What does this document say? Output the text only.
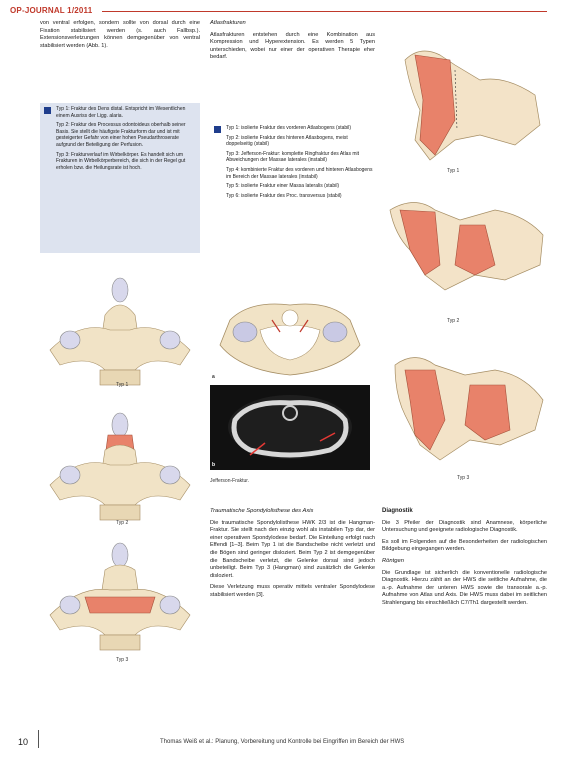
OP-JOURNAL 1/2011

von ventral erfolgen, sondern sollte von dorsal durch eine Fixation stabilisiert werden (s. auch Fallbsp.). Extensionsverletzungen können demgegenüber von ventral stabilisiert werden (Abb. 1).

Typ 1: Fraktur des Dens distal. Entspricht im Wesentlichen einem Ausriss der Ligg. alaria.

Typ 2: Fraktur des Processus odontoideus oberhalb seiner Basis. Sie stellt die häufigste Frakturform dar und ist mit gesteigerter Gefahr von einer hohen Pseudarthroserate aufgrund der Beteiligung der Perfusion.

Typ 3: Frakturverlauf im Wirbelkörper. Es handelt sich um Frakturen in Wirbelkörperbereich, die sich in der Regel gut erholen bzw. die Heilungsrate ist hoch.

Typ 1
Typ 2
Typ 3

Atlasfrakturen

Atlasfrakturen entstehen durch eine Kombination aus Kompression und Hyperextension. Es werden 5 Typen unterschieden, wobei nur einer der operativen Therapie eher bedarf.

Typ 1: isolierte Fraktur des vorderen Atlasbogens (stabil)

Typ 2: isolierte Fraktur des hinteren Atlasbogens, meist doppelseitig (stabil)

Typ 3: Jefferson-Fraktur: komplette Ringfraktur des Atlas mit Abweichungen der Massae laterales (instabil)

Typ 4: kombinierte Fraktur des vorderen und hinteren Atlasbogens im Bereich der Massae laterales (instabil)

Typ 5: isolierte Fraktur einer Massa lateralis (stabil)

Typ 6: isolierte Fraktur des Proc. transversus (stabil)

a
b
Jefferson-Fraktur.

Traumatische Spondylolisthese des Axis

Die traumatische Spondylolisthese HWK 2/3 ist die Hangman-Fraktur. Sie stellt nach den einzig wohl als instabilen Typ dar, der einer operativen Spondylodese bedarf. Die Einteilung erfolgt nach Effendi [1–3]. Beim Typ 1 ist die Bandscheibe nicht verletzt und die Bögen sind geringer disloziert. Beim Typ 2 ist demgegenüber die Bandscheibe verletzt, die Gelenke dorsal sind jedoch unbeteiligt. Beim Typ 3 (Hangman) sind zusätzlich die Gelenke disloziert.

Diese Verletzung muss operativ mittels ventraler Spondylodese stabilisiert werden [3].

Typ 1
Typ 2
Typ 3

Diagnostik

Die 3 Pfeiler der Diagnostik sind Anamnese, körperliche Untersuchung und geeignete radiologische Diagnostik.

Es soll im Folgenden auf die Besonderheiten der radiologischen Bildgebung eingegangen werden.

Röntgen

Die Grundlage ist sicherlich die konventionelle radiologische Diagnostik. Hierzu zählt an der HWS die seitliche Aufnahme, die a.-p. Aufnahme der unteren HWS sowie die transorale a.-p. Aufnahme von Atlas und Axis. Die HWS muss dabei im seitlichen Strahlengang bis einschließlich C7/Th1 dargestellt werden.

10	Thomas Weiß et al.: Planung, Vorbereitung und Kontrolle bei Eingriffen im Bereich der HWS
